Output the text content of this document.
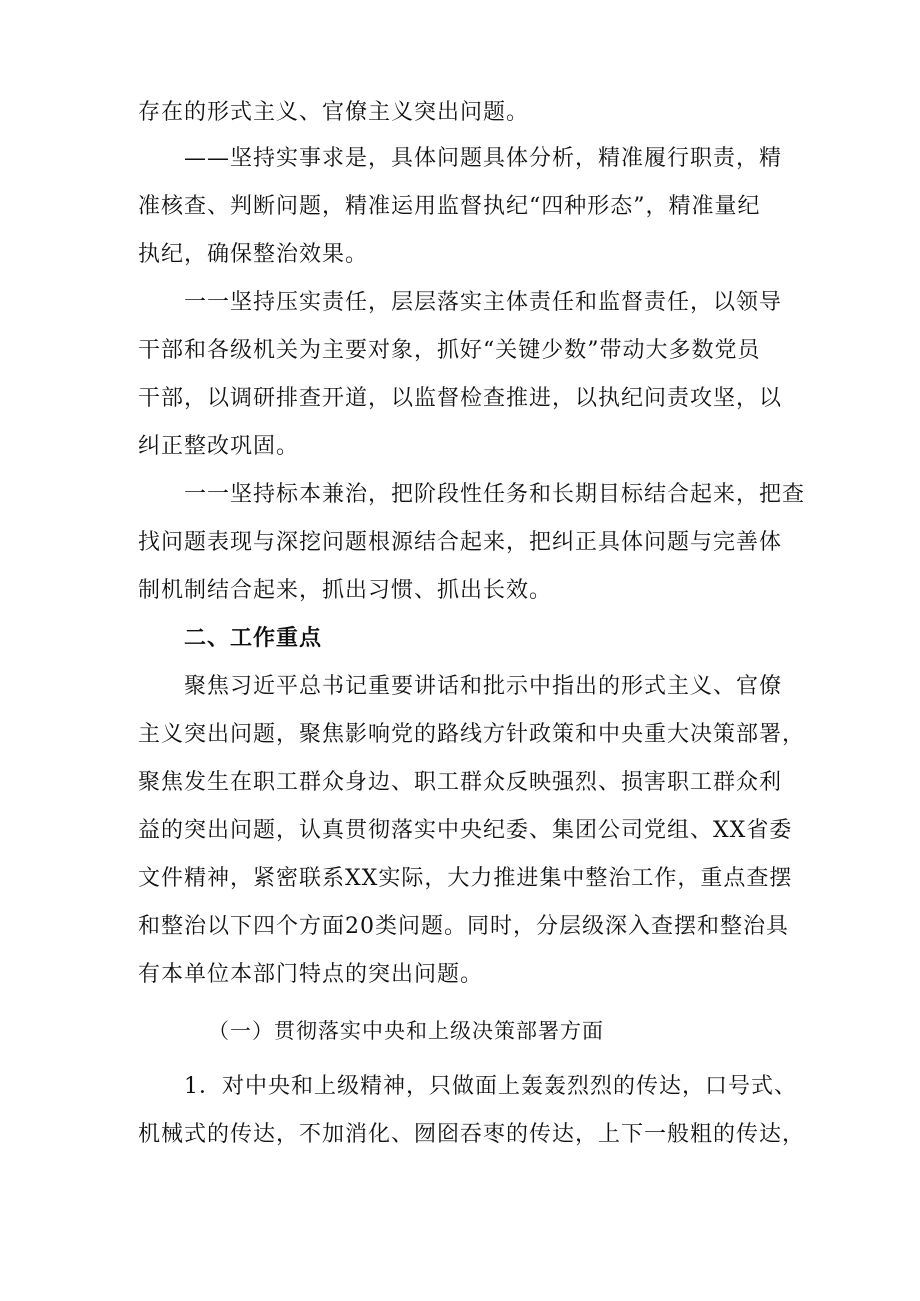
存在的形式主义、官僚主义突出问题。
——坚持实事求是，具体问题具体分析，精准履行职责，精
准核查、判断问题，精准运用监督执纪“四种形态”，精准量纪
执纪，确保整治效果。
一一坚持压实责任，层层落实主体责任和监督责任，以领导
干部和各级机关为主要对象，抓好“关键少数”带动大多数党员
干部，以调研排查开道，以监督检查推进，以执纪问责攻坚，以
纠正整改巩固。
一一坚持标本兼治，把阶段性任务和长期目标结合起来，把查
找问题表现与深挖问题根源结合起来，把纠正具体问题与完善体
制机制结合起来，抓出习惯、抓出长效。
二、工作重点
聚焦习近平总书记重要讲话和批示中指出的形式主义、官僚
主义突出问题，聚焦影响党的路线方针政策和中央重大决策部署，
聚焦发生在职工群众身边、职工群众反映强烈、损害职工群众利
益的突出问题，认真贯彻落实中央纪委、集团公司党组、XX省委
文件精神，紧密联系XX实际，大力推进集中整治工作，重点查摆
和整治以下四个方面20类问题。同时，分层级深入查摆和整治具
有本单位本部门特点的突出问题。
（一）贯彻落实中央和上级决策部署方面
1．对中央和上级精神，只做面上轰轰烈烈的传达，口号式、
机械式的传达，不加消化、囫囵吞枣的传达，上下一般粗的传达，
